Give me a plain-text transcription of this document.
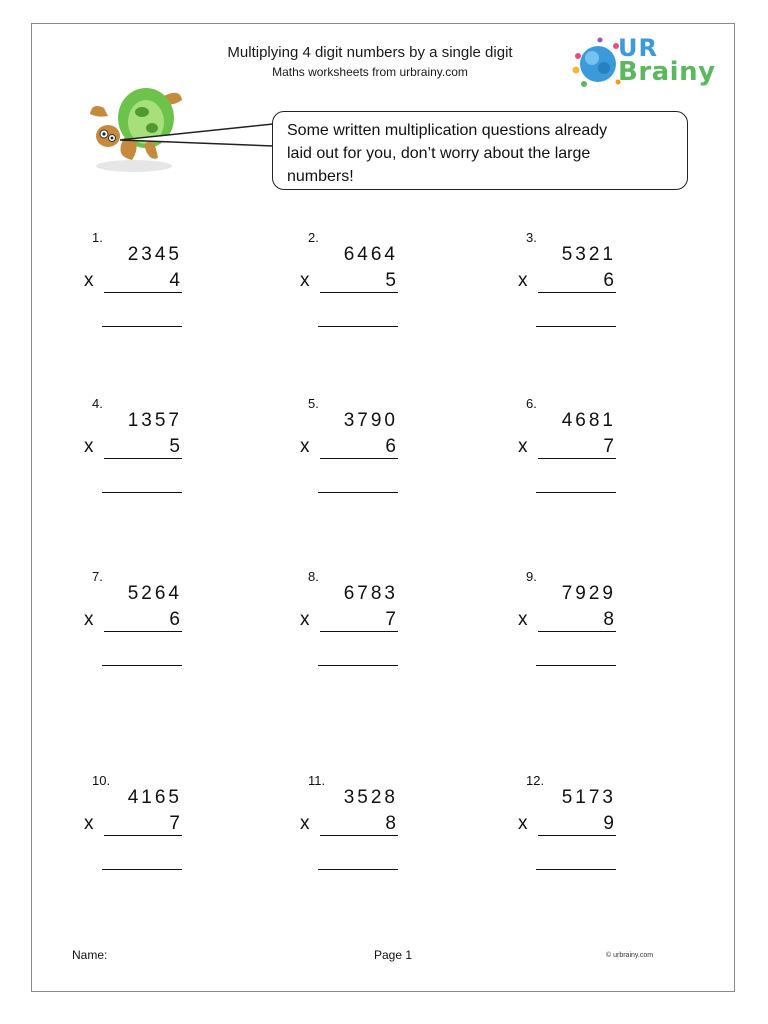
Multiplying 4 digit numbers by a single digit
Maths worksheets from urbrainy.com
UR
Brainy
Some written multiplication questions already
laid out for you, don’t worry about the large
numbers!
1.
2345
x	4
2.
6464
x	5
3.
5321
x	6
4.
1357
x	5
5.
3790
x	6
6.
4681
x	7
7.
5264
x	6
8.
6783
x	7
9.
7929
x	8
10.
4165
x	7
11.
3528
x	8
12.
5173
x	9
Name:	Page 1	© urbrainy.com
